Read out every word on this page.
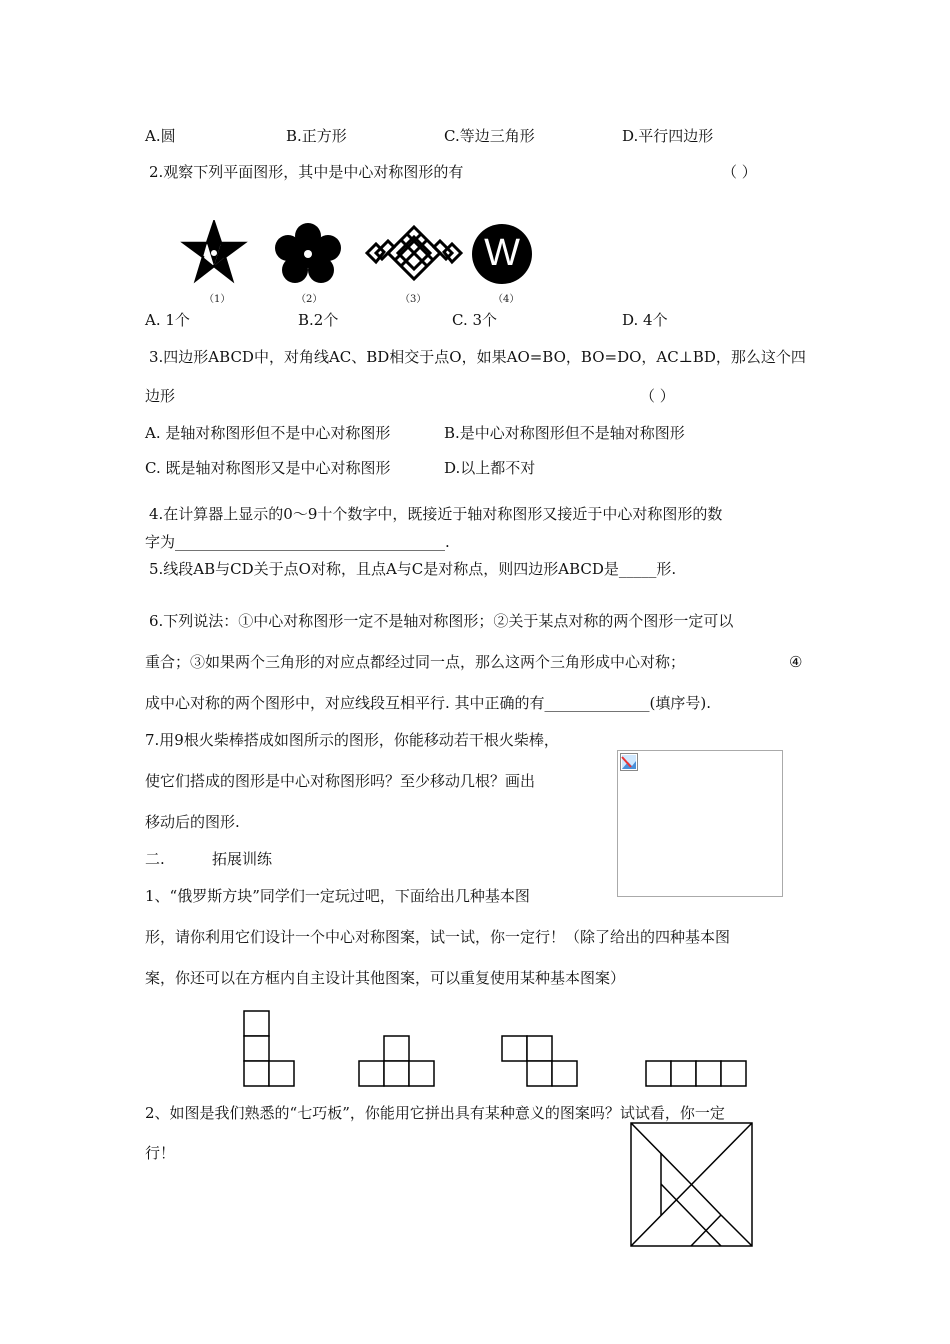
A.圆	B.正方形	C.等边三角形	D.平行四边形
2.观察下列平面图形，其中是中心对称图形的有	（ ）
（1）	（2）	（3）
W
（4）
A. 1个	B.2个	C. 3个	D. 4个
3.四边形ABCD中，对角线AC、BD相交于点O，如果AO=BO，BO=DO，AC⊥BD，那么这个四
边形	（ ）
A. 是轴对称图形但不是中心对称图形	B.是中心对称图形但不是轴对称图形
C. 既是轴对称图形又是中心对称图形	D.以上都不对
4.在计算器上显示的0～9十个数字中，既接近于轴对称图形又接近于中心对称图形的数
字为____________________________________.
5.线段AB与CD关于点O对称，且点A与C是对称点，则四边形ABCD是_____形.
6.下列说法：①中心对称图形一定不是轴对称图形；②关于某点对称的两个图形一定可以
重合；③如果两个三角形的对应点都经过同一点，那么这两个三角形成中心对称；	④
成中心对称的两个图形中，对应线段互相平行. 其中正确的有______________(填序号).
7.用9根火柴棒搭成如图所示的图形，你能移动若干根火柴棒，
使它们搭成的图形是中心对称图形吗？至少移动几根？画出
移动后的图形.
二.	拓展训练
1、“俄罗斯方块”同学们一定玩过吧，下面给出几种基本图
形，请你利用它们设计一个中心对称图案，试一试，你一定行！（除了给出的四种基本图
案，你还可以在方框内自主设计其他图案，可以重复使用某种基本图案）
2、如图是我们熟悉的“七巧板”，你能用它拼出具有某种意义的图案吗？试试看，你一定
行！
